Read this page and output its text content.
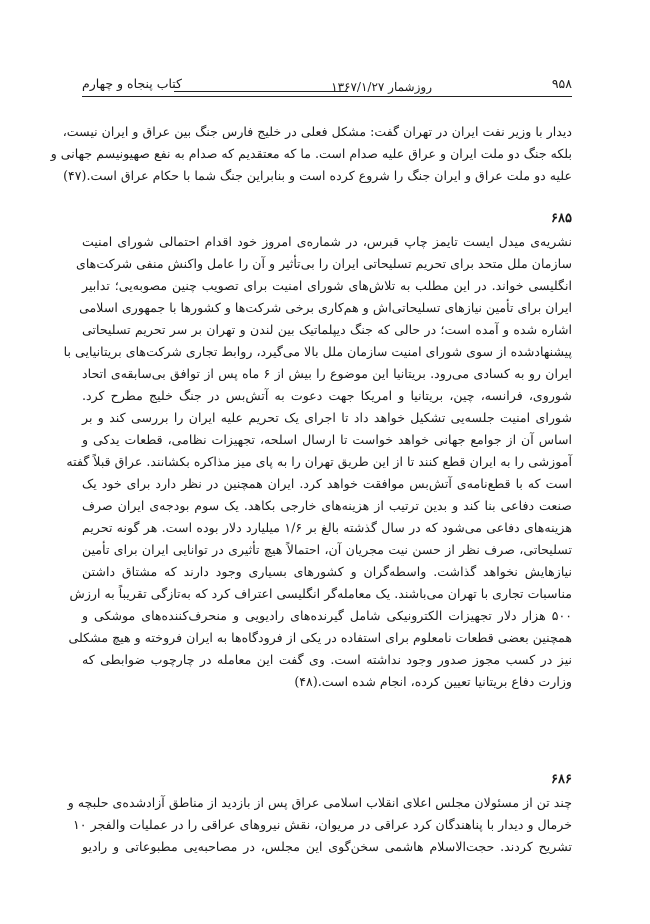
۹۵۸
روزشمار ۱۳۶۷/۱/۲۷
کتاب پنجاه و چهارم
دیدار با وزیر نفت ایران در تهران گفت: مشکل فعلی در خلیج فارس جنگ بین عراق و ایران نیست،
بلکه جنگ دو ملت ایران و عراق علیه صدام است. ما که معتقدیم که صدام به نفع صهیونیسم جهانی و
علیه دو ملت عراق و ایران جنگ را شروع کرده است و بنابراین جنگ شما با حکام عراق است.(۴۷)
۶۸۵
نشریه‌ی میدل ایست تایمز چاپ قبرس، در شماره‌ی امروز خود اقدام احتمالی شورای امنیت
سازمان ملل متحد برای تحریم تسلیحاتی ایران را بی‌تأثیر و آن را عامل واکنش منفی شرکت‌های
انگلیسی خواند. در این مطلب به تلاش‌های شورای امنیت برای تصویب چنین مصوبه‌یی؛ تدابیر
ایران برای تأمین نیازهای تسلیحاتی‌اش و هم‌کاری برخی شرکت‌ها و کشورها با جمهوری اسلامی
اشاره شده و آمده است؛ در حالی که جنگ دیپلماتیک بین لندن و تهران بر سر تحریم تسلیحاتی
پیشنهادشده از سوی شورای امنیت سازمان ملل بالا می‌گیرد، روابط تجاری شرکت‌های بریتانیایی با
ایران رو به کسادی می‌رود. بریتانیا این موضوع را بیش از ۶ ماه پس از توافق بی‌سابقه‌ی اتحاد
شوروی، فرانسه، چین، بریتانیا و امریکا جهت دعوت به آتش‌بس در جنگ خلیج مطرح کرد.
شورای امنیت جلسه‌یی تشکیل خواهد داد تا اجرای یک تحریم علیه ایران را بررسی کند و بر
اساس آن از جوامع جهانی خواهد خواست تا ارسال اسلحه، تجهیزات نظامی، قطعات یدکی و
آموزشی را به ایران قطع کنند تا از این طریق تهران را به پای میز مذاکره بکشانند. عراق قبلاً گفته
است که با قطع‌نامه‌ی آتش‌بس موافقت خواهد کرد. ایران همچنین در نظر دارد برای خود یک
صنعت دفاعی بنا کند و بدین ترتیب از هزینه‌های خارجی بکاهد. یک سوم بودجه‌ی ایران صرف
هزینه‌های دفاعی می‌شود که در سال گذشته بالغ بر ۱/۶ میلیارد دلار بوده است. هر گونه تحریم
تسلیحاتی، صرف نظر از حسن نیت مجریان آن، احتمالاً هیچ تأثیری در توانایی ایران برای تأمین
نیازهایش نخواهد گذاشت. واسطه‌گران و کشورهای بسیاری وجود دارند که مشتاق داشتن
مناسبات تجاری با تهران می‌باشند. یک معامله‌گر انگلیسی اعتراف کرد که به‌تازگی تقریباً به ارزش
۵۰۰ هزار دلار تجهیزات الکترونیکی شامل گیرنده‌های رادیویی و منحرف‌کننده‌های موشکی و
همچنین بعضی قطعات نامعلوم برای استفاده در یکی از فرودگاه‌ها به ایران فروخته و هیچ مشکلی
نیز در کسب مجوز صدور وجود نداشته است. وی گفت این معامله در چارچوب ضوابطی که
وزارت دفاع بریتانیا تعیین کرده، انجام شده است.(۴۸)
۶۸۶
چند تن از مسئولان مجلس اعلای انقلاب اسلامی عراق پس از بازدید از مناطق آزادشده‌ی حلبچه و
خرمال و دیدار با پناهندگان کرد عراقی در مریوان، نقش نیروهای عراقی را در عملیات والفجر ۱۰
تشریح کردند. حجت‌الاسلام هاشمی سخن‌گوی این مجلس، در مصاحبه‌یی مطبوعاتی و رادیو
